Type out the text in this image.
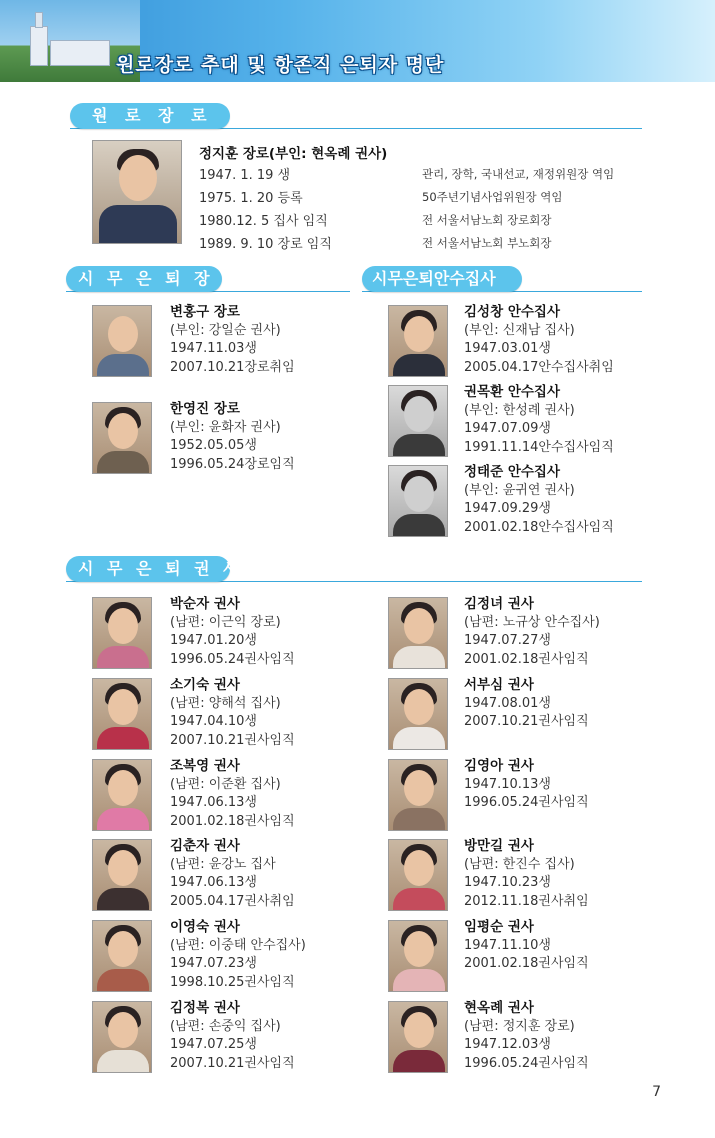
원로장로 추대 및 항존직 은퇴자 명단
원 로 장 로
정지훈 장로(부인: 현옥례 권사)
1947. 1. 19 생
1975. 1. 20 등록
1980.12. 5 집사 임직
1989. 9. 10 장로 임직
관리, 장학, 국내선교, 재정위원장 역임
50주년기념사업위원장 역임
전 서울서남노회 장로회장
전 서울서남노회 부노회장
시 무 은 퇴 장 로	시무은퇴안수집사
변홍구 장로
(부인: 강일순 권사)
1947.11.03생
2007.10.21장로취임
한영진 장로
(부인: 윤화자 권사)
1952.05.05생
1996.05.24장로임직
김성창 안수집사
(부인: 신재남 집사)
1947.03.01생
2005.04.17안수집사취임
권목환 안수집사
(부인: 한성례 권사)
1947.07.09생
1991.11.14안수집사임직
정태준 안수집사
(부인: 윤귀연 권사)
1947.09.29생
2001.02.18안수집사임직
시 무 은 퇴 권 사
박순자 권사
(남편: 이근익 장로)
1947.01.20생
1996.05.24권사임직
소기숙 권사
(남편: 양해석 집사)
1947.04.10생
2007.10.21권사임직
조복영 권사
(남편: 이준환 집사)
1947.06.13생
2001.02.18권사임직
김춘자 권사
(남편: 윤강노 집사
1947.06.13생
2005.04.17권사취임
이영숙 권사
(남편: 이중태 안수집사)
1947.07.23생
1998.10.25권사임직
김정복 권사
(남편: 손중익 집사)
1947.07.25생
2007.10.21권사임직
김정녀 권사
(남편: 노규상 안수집사)
1947.07.27생
2001.02.18권사임직
서부심 권사
1947.08.01생
2007.10.21권사임직
김영아 권사
1947.10.13생
1996.05.24권사임직
방만길 권사
(남편: 한진수 집사)
1947.10.23생
2012.11.18권사취임
임평순 권사
1947.11.10생
2001.02.18권사임직
현옥례 권사
(남편: 정지훈 장로)
1947.12.03생
1996.05.24권사임직
7
